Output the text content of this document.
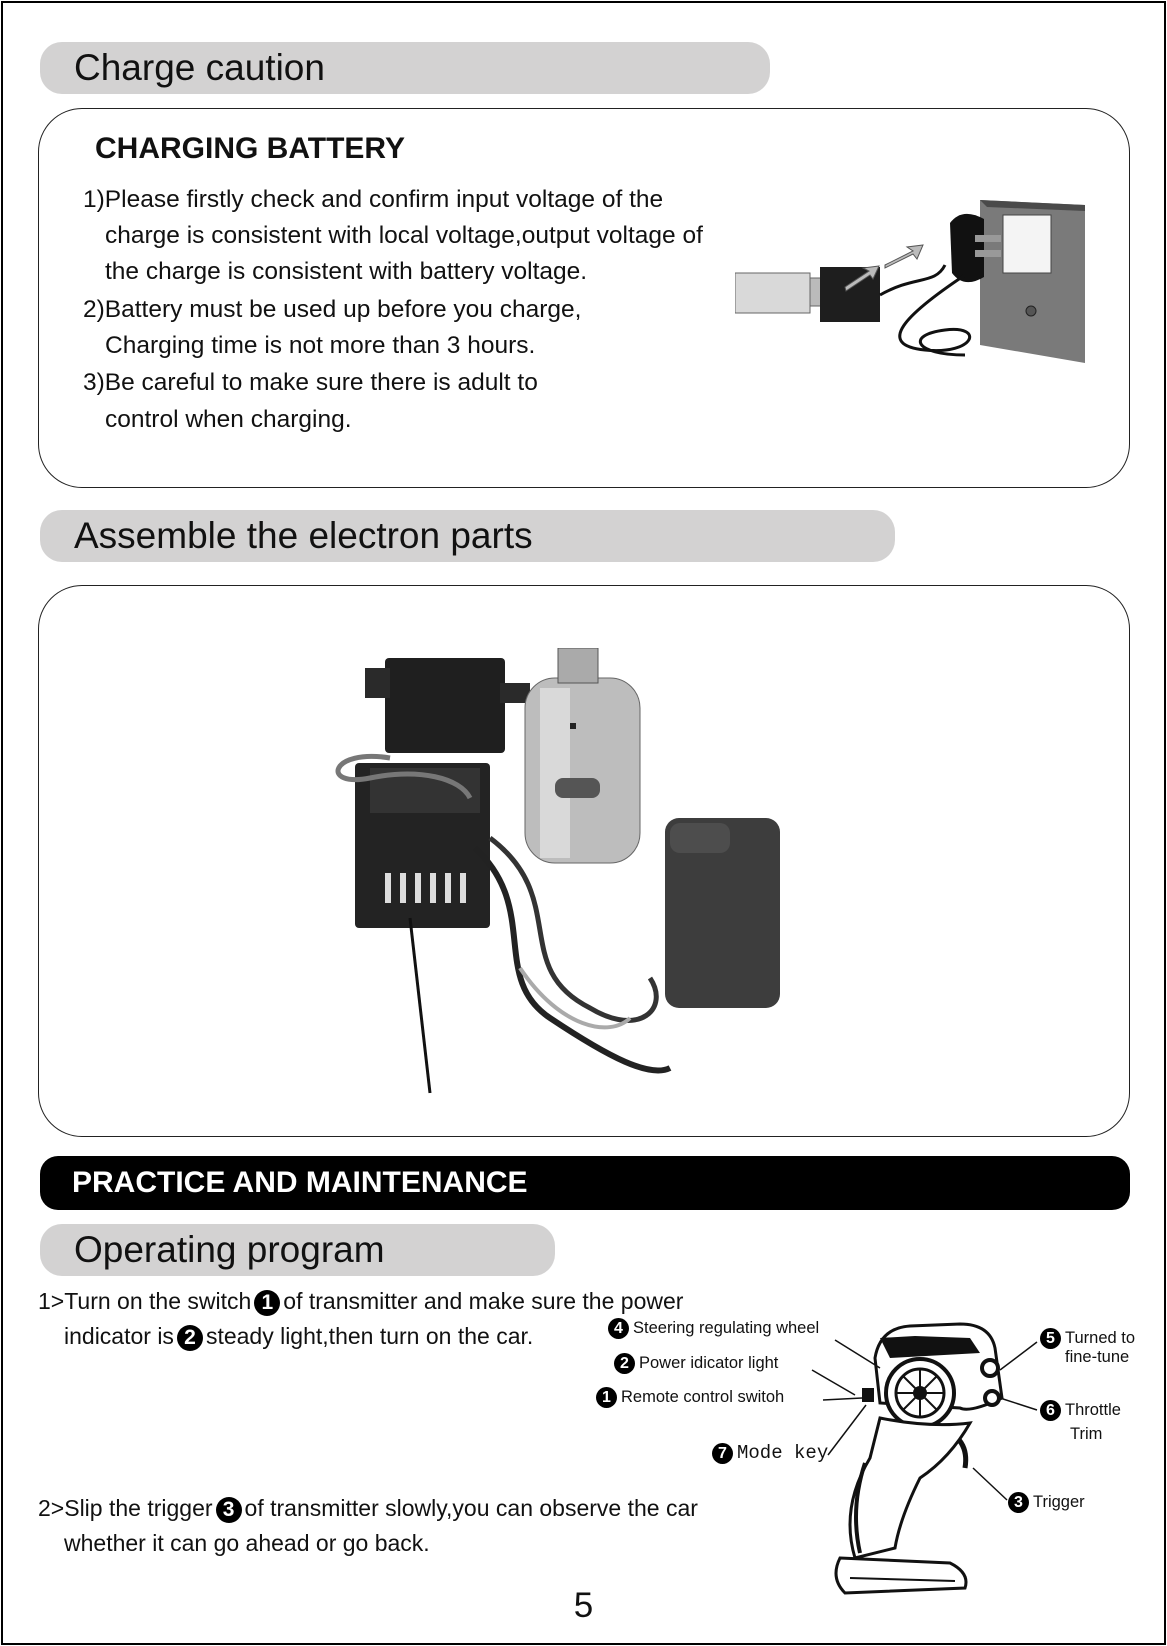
Charge caution
CHARGING BATTERY
1)Please firstly check and confirm input voltage of the
charge is consistent with local voltage,output voltage of
the charge is consistent with battery voltage.
2)Battery must be used up before you charge,
Charging time is not more than 3 hours.
3)Be careful to make sure there is adult to
control when charging.
Assemble the electron parts
PRACTICE AND MAINTENANCE
Operating program
1>Turn on the switch 1 of transmitter and make sure the power
indicator is 2 steady light,then turn on the car.
2>Slip the trigger 3 of transmitter slowly,you can observe the car
whether it can go ahead or go back.
4 Steering regulating wheel
2 Power idicator light
1 Remote control switoh
7 Mode key
5 Turned to
fine-tune
6 Throttle
Trim
3 Trigger
5
